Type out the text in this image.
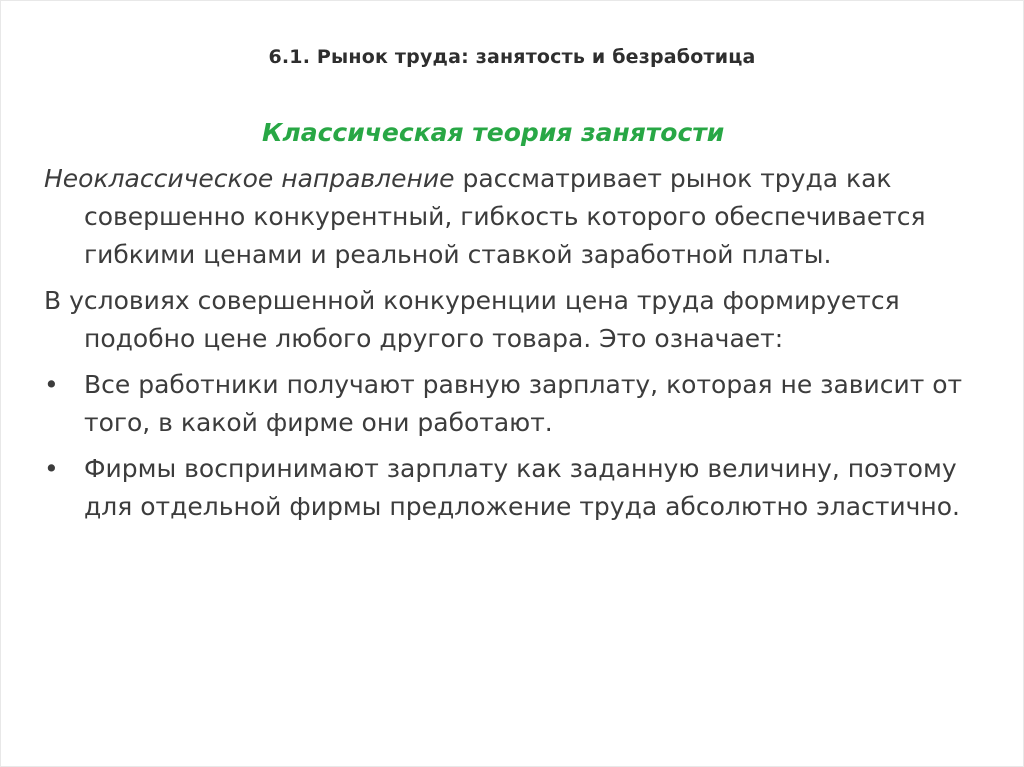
6.1. Рынок труда: занятость и безработица
Классическая теория занятости

Неоклассическое направление рассматривает рынок труда как совершенно конкурентный, гибкость которого обеспечивается гибкими ценами и реальной ставкой заработной платы.

В условиях совершенной конкуренции цена труда формируется подобно цене любого другого товара. Это означает:

•	Все работники получают равную зарплату, которая не зависит от того, в какой фирме они работают.
•	Фирмы воспринимают зарплату как заданную величину, поэтому для отдельной фирмы предложение труда абсолютно эластично.
